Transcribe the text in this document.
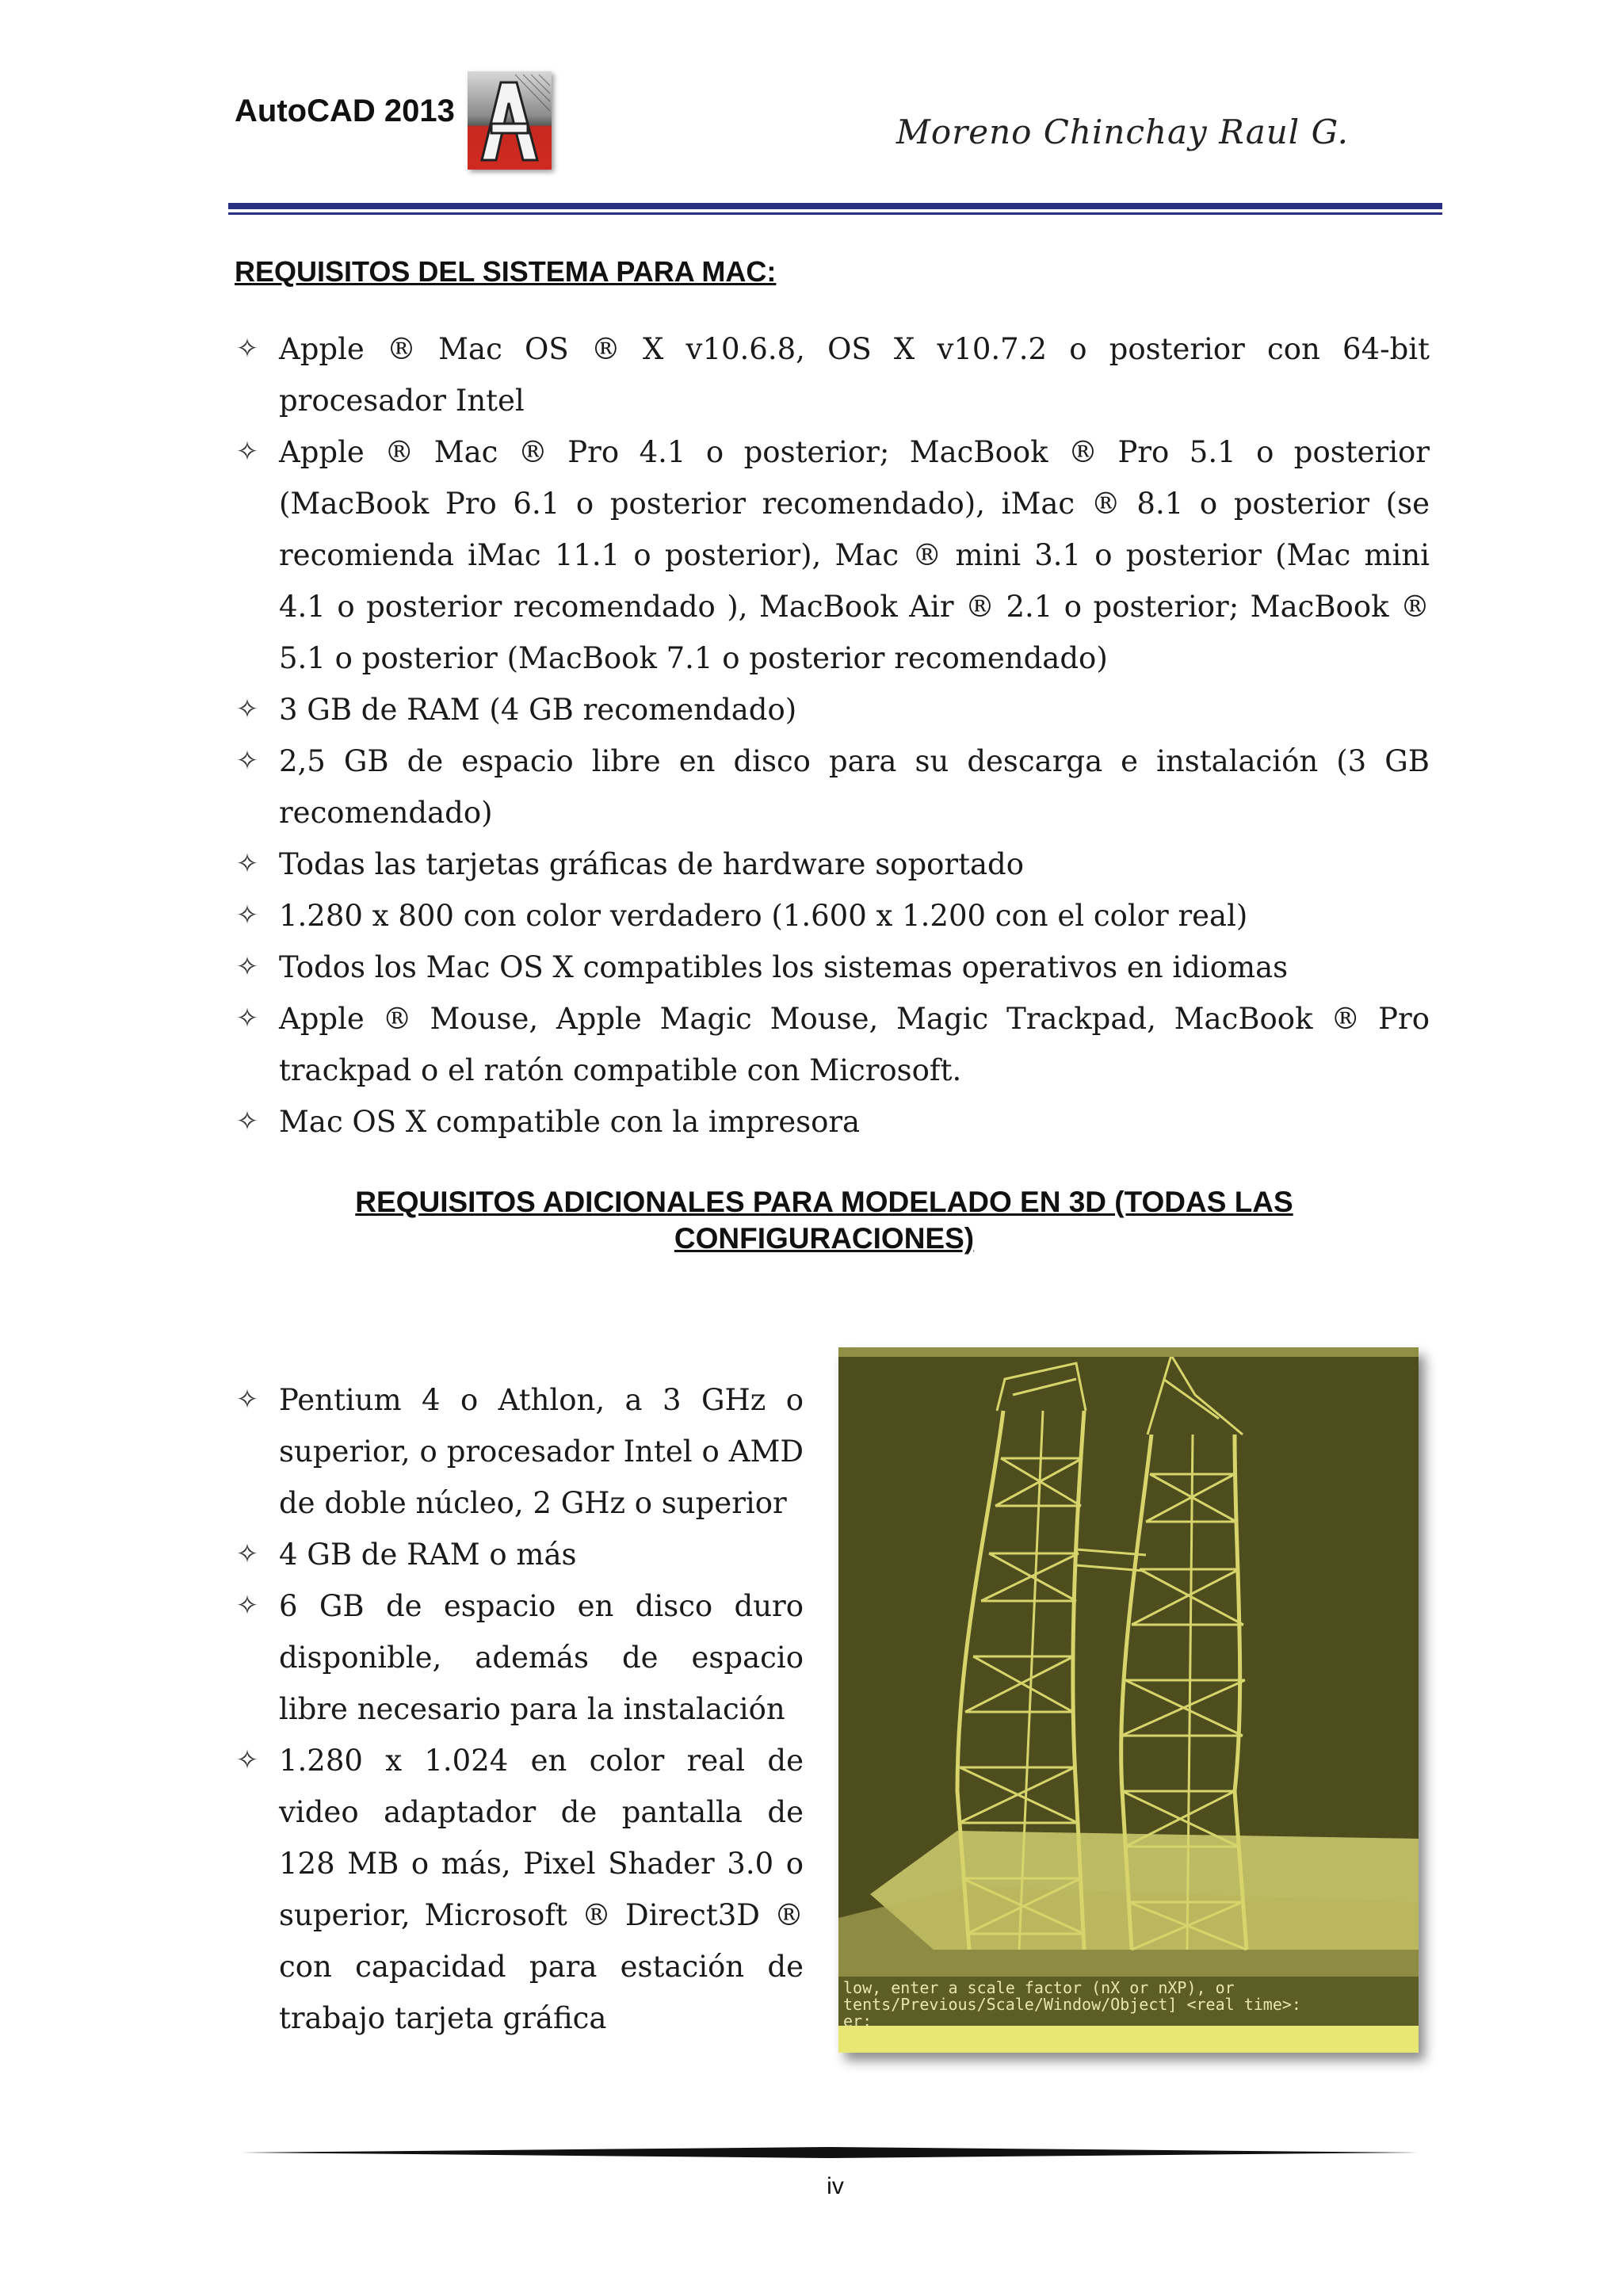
AutoCAD 2013
Moreno Chinchay Raul G.
REQUISITOS DEL SISTEMA PARA MAC:
✧ Apple ® Mac OS ® X v10.6.8, OS X v10.7.2 o posterior con 64-bit procesador Intel
✧ Apple ® Mac ® Pro 4.1 o posterior; MacBook ® Pro 5.1 o posterior (MacBook Pro 6.1 o posterior recomendado), iMac ® 8.1 o posterior (se recomienda iMac 11.1 o posterior), Mac ® mini 3.1 o posterior (Mac mini 4.1 o posterior recomendado ), MacBook Air ® 2.1 o posterior; MacBook ® 5.1 o posterior (MacBook 7.1 o posterior recomendado)
✧ 3 GB de RAM (4 GB recomendado)
✧ 2,5 GB de espacio libre en disco para su descarga e instalación (3 GB recomendado)
✧ Todas las tarjetas gráficas de hardware soportado
✧ 1.280 x 800 con color verdadero (1.600 x 1.200 con el color real)
✧ Todos los Mac OS X compatibles los sistemas operativos en idiomas
✧ Apple ® Mouse, Apple Magic Mouse, Magic Trackpad, MacBook ® Pro trackpad o el ratón compatible con Microsoft.
✧ Mac OS X compatible con la impresora
REQUISITOS ADICIONALES PARA MODELADO EN 3D (TODAS LAS
CONFIGURACIONES)
✧ Pentium 4 o Athlon, a 3 GHz o superior, o procesador Intel o AMD de doble núcleo, 2 GHz o superior
✧ 4 GB de RAM o más
✧ 6 GB de espacio en disco duro disponible, además de espacio libre necesario para la instalación
✧ 1.280 x 1.024 en color real de video adaptador de pantalla de 128 MB o más, Pixel Shader 3.0 o superior, Microsoft ® Direct3D ® con capacidad para estación de trabajo tarjeta gráfica
low, enter a scale factor (nX or nXP), or
tents/Previous/Scale/Window/Object] <real time>:
er:
iv
